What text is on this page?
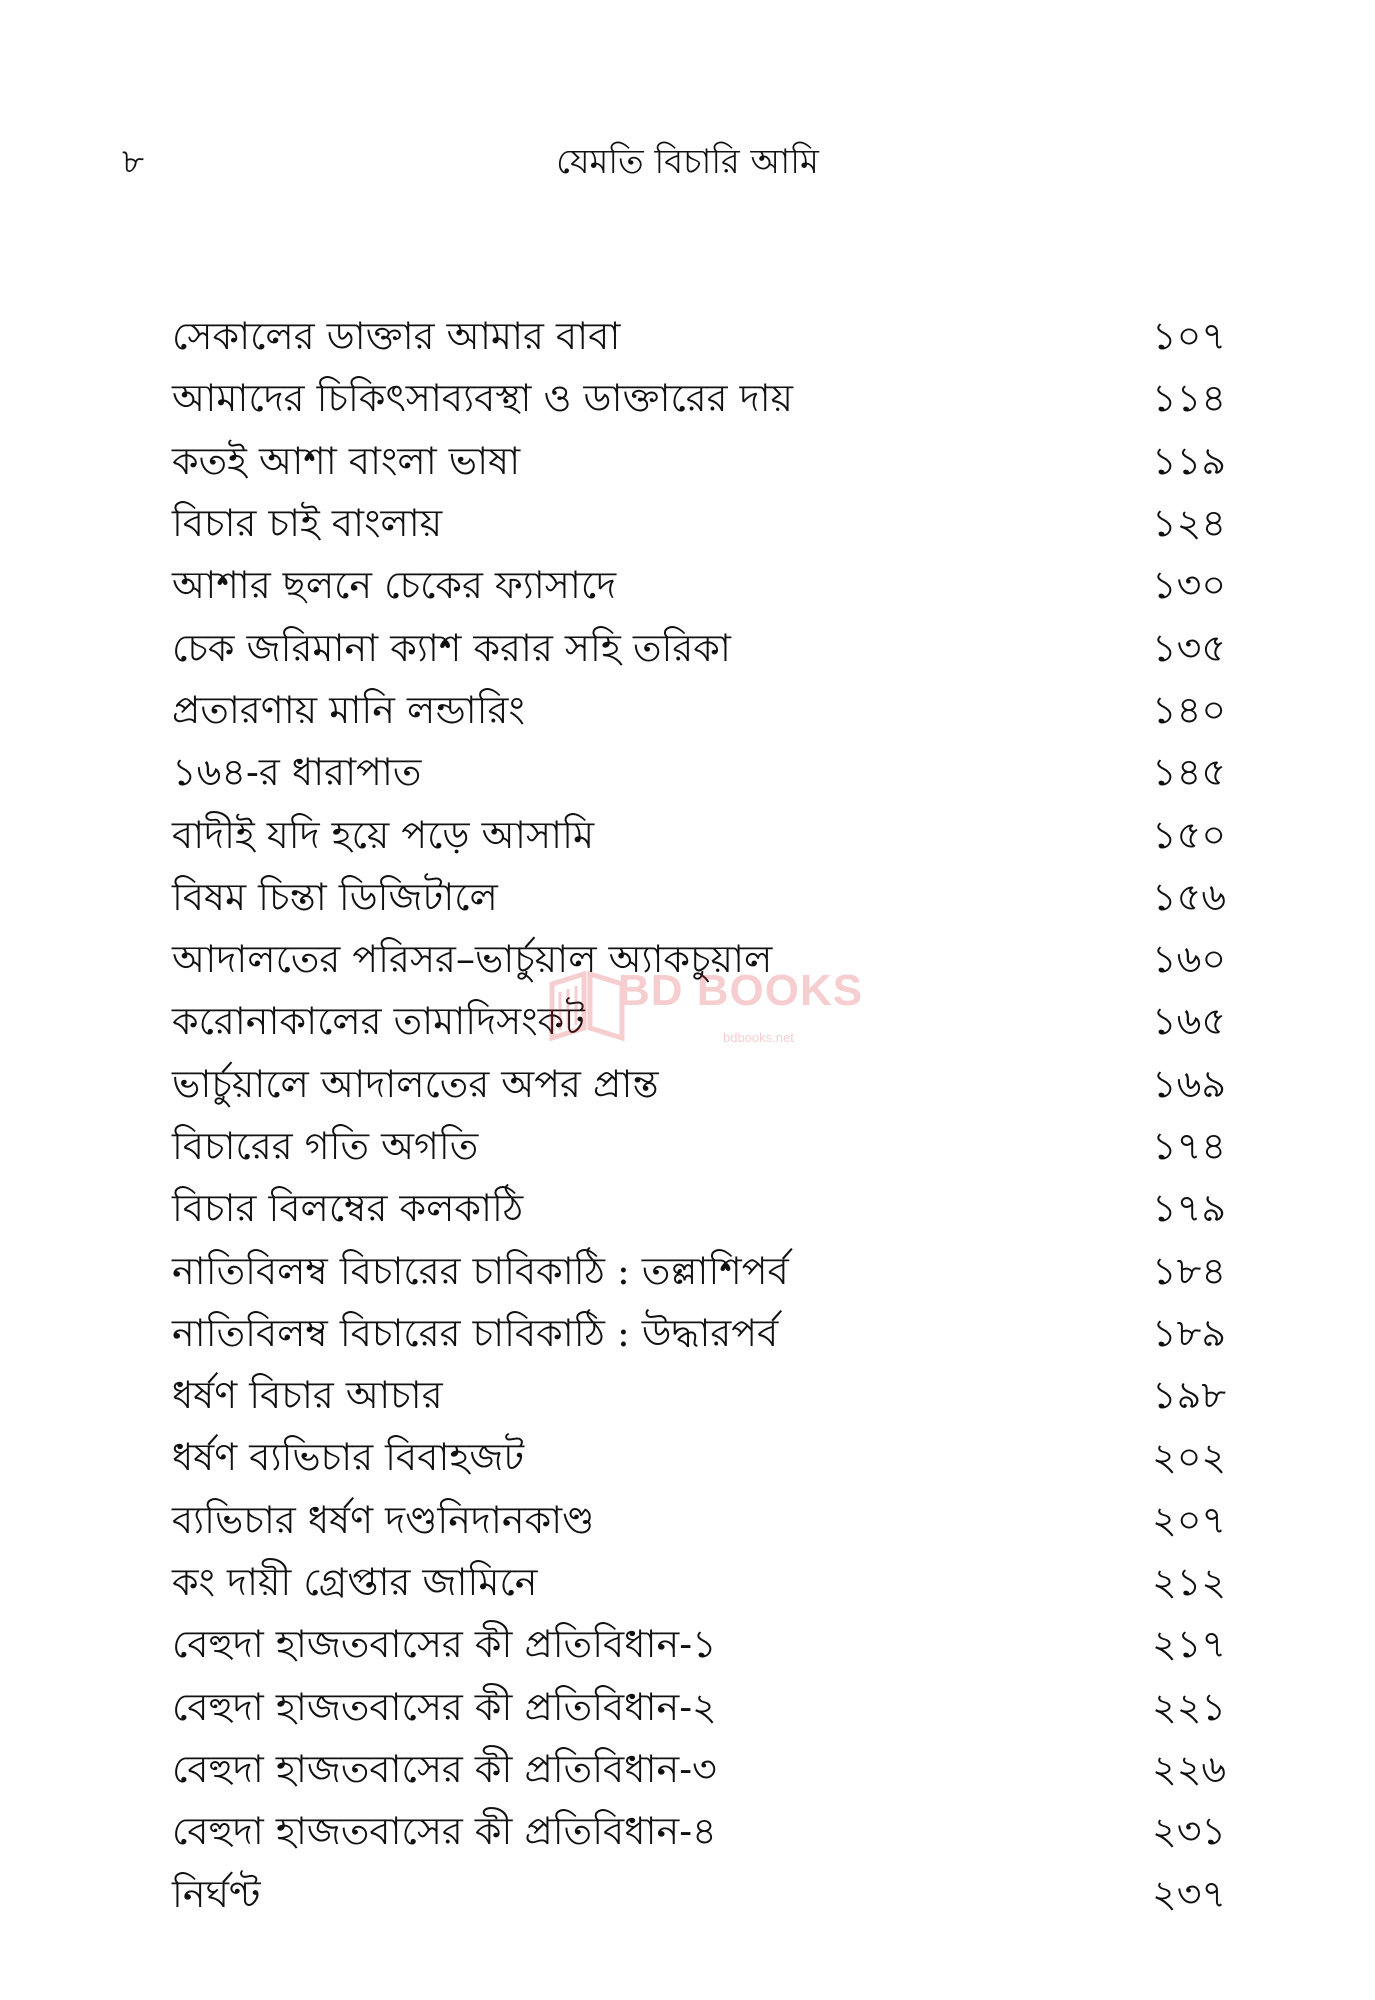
৮	যেমতি বিচারি আমি
সেকালের ডাক্তার আমার বাবা	১০৭
আমাদের চিকিৎসাব্যবস্থা ও ডাক্তারের দায়	১১৪
কতই আশা বাংলা ভাষা	১১৯
বিচার চাই বাংলায়	১২৪
আশার ছলনে চেকের ফ্যাসাদে	১৩০
চেক জরিমানা ক্যাশ করার সহি তরিকা	১৩৫
প্রতারণায় মানি লন্ডারিং	১৪০
১৬৪-র ধারাপাত	১৪৫
বাদীই যদি হয়ে পড়ে আসামি	১৫০
বিষম চিন্তা ডিজিটালে	১৫৬
আদালতের পরিসর–ভার্চুয়াল অ্যাকচুয়াল	১৬০
করোনাকালের তামাদিসংকট	১৬৫
ভার্চুয়ালে আদালতের অপর প্রান্ত	১৬৯
বিচারের গতি অগতি	১৭৪
বিচার বিলম্বের কলকাঠি	১৭৯
নাতিবিলম্ব বিচারের চাবিকাঠি : তল্লাশিপর্ব	১৮৪
নাতিবিলম্ব বিচারের চাবিকাঠি : উদ্ধারপর্ব	১৮৯
ধর্ষণ বিচার আচার	১৯৮
ধর্ষণ ব্যভিচার বিবাহজট	২০২
ব্যভিচার ধর্ষণ দণ্ডনিদানকাণ্ড	২০৭
কং দায়ী গ্রেপ্তার জামিনে	২১২
বেহুদা হাজতবাসের কী প্রতিবিধান-১	২১৭
বেহুদা হাজতবাসের কী প্রতিবিধান-২	২২১
বেহুদা হাজতবাসের কী প্রতিবিধান-৩	২২৬
বেহুদা হাজতবাসের কী প্রতিবিধান-৪	২৩১
নির্ঘণ্ট	২৩৭
BD BOOKS
bdbooks.net
